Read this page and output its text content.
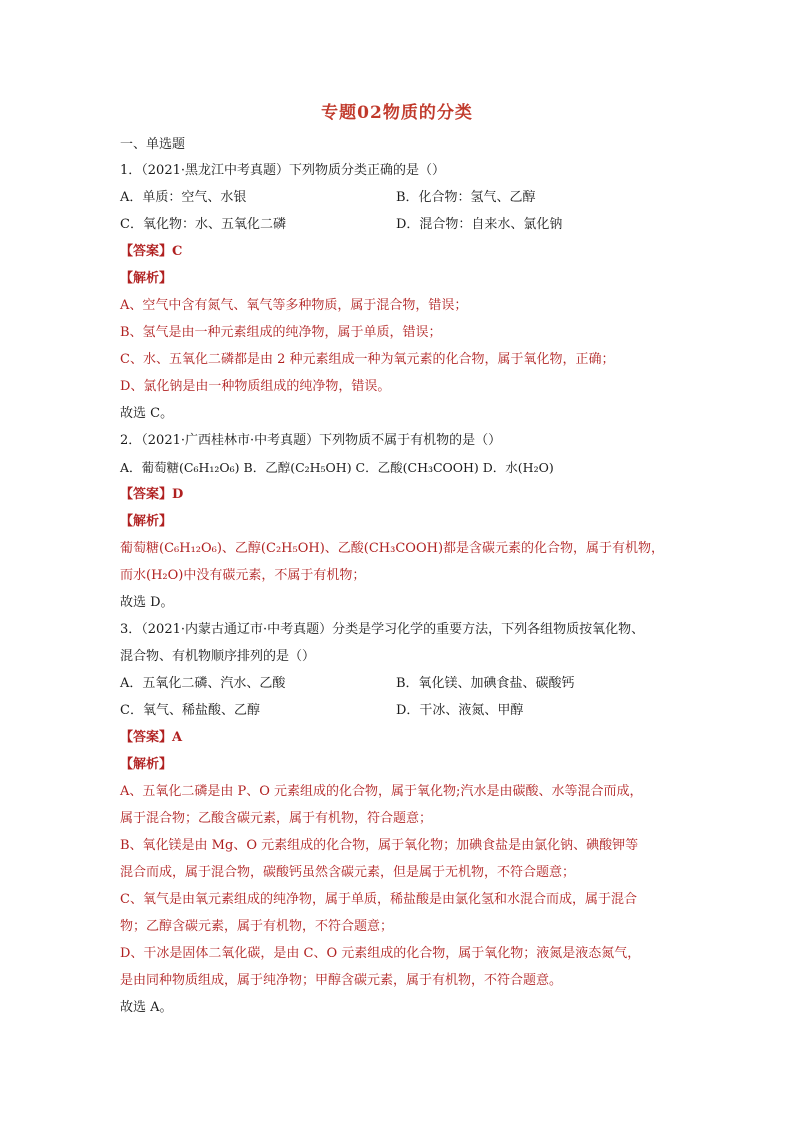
专题02物质的分类
一、单选题
1．（2021·黑龙江中考真题）下列物质分类正确的是（）
A．单质：空气、水银	B．化合物：氢气、乙醇
C．氧化物：水、五氧化二磷	D．混合物：自来水、氯化钠
【答案】C
【解析】
A、空气中含有氮气、氧气等多种物质，属于混合物，错误；
B、氢气是由一种元素组成的纯净物，属于单质，错误；
C、水、五氧化二磷都是由 2 种元素组成一种为氧元素的化合物，属于氧化物，正确；
D、氯化钠是由一种物质组成的纯净物，错误。
故选 C。
2．（2021·广西桂林市·中考真题）下列物质不属于有机物的是（）
A．葡萄糖(C₆H₁₂O₆) B．乙醇(C₂H₅OH) C．乙酸(CH₃COOH) D．水(H₂O)
【答案】D
【解析】
葡萄糖(C₆H₁₂O₆)、乙醇(C₂H₅OH)、乙酸(CH₃COOH)都是含碳元素的化合物，属于有机物，
而水(H₂O)中没有碳元素，不属于有机物；
故选 D。
3．（2021·内蒙古通辽市·中考真题）分类是学习化学的重要方法，下列各组物质按氧化物、
混合物、有机物顺序排列的是（）
A．五氧化二磷、汽水、乙酸	B．氧化镁、加碘食盐、碳酸钙
C．氧气、稀盐酸、乙醇	D．干冰、液氮、甲醇
【答案】A
【解析】
A、五氧化二磷是由 P、O 元素组成的化合物，属于氧化物;汽水是由碳酸、水等混合而成，
属于混合物；乙酸含碳元素，属于有机物，符合题意；
B、氧化镁是由 Mg、O 元素组成的化合物，属于氧化物；加碘食盐是由氯化钠、碘酸钾等
混合而成，属于混合物，碳酸钙虽然含碳元素，但是属于无机物，不符合题意；
C、氧气是由氧元素组成的纯净物，属于单质，稀盐酸是由氯化氢和水混合而成，属于混合
物；乙醇含碳元素，属于有机物，不符合题意；
D、干冰是固体二氧化碳，是由 C、O 元素组成的化合物，属于氧化物；液氮是液态氮气，
是由同种物质组成，属于纯净物；甲醇含碳元素，属于有机物，不符合题意。
故选 A。
